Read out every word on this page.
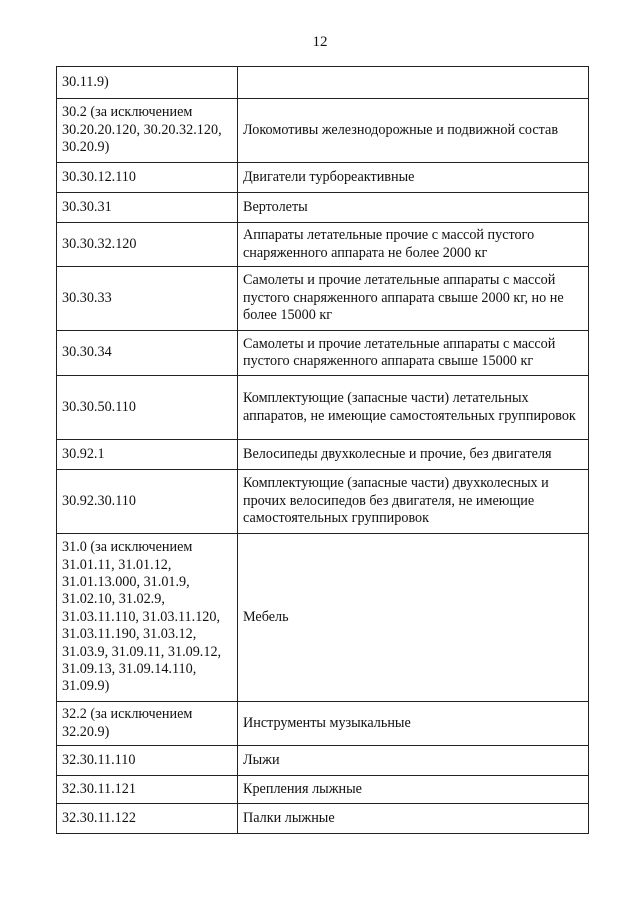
12
30.11.9)	
30.2 (за исключением 30.20.20.120, 30.20.32.120, 30.20.9)	Локомотивы железнодорожные и подвижной состав
30.30.12.110	Двигатели турбореактивные
30.30.31	Вертолеты
30.30.32.120	Аппараты летательные прочие с массой пустого снаряженного аппарата не более 2000 кг
30.30.33	Самолеты и прочие летательные аппараты с массой пустого снаряженного аппарата свыше 2000 кг, но не более 15000 кг
30.30.34	Самолеты и прочие летательные аппараты с массой пустого снаряженного аппарата свыше 15000 кг
30.30.50.110	Комплектующие (запасные части) летательных аппаратов, не имеющие самостоятельных группировок
30.92.1	Велосипеды двухколесные и прочие, без двигателя
30.92.30.110	Комплектующие (запасные части) двухколесных и прочих велосипедов без двигателя, не имеющие самостоятельных группировок
31.0 (за исключением 31.01.11, 31.01.12, 31.01.13.000, 31.01.9, 31.02.10, 31.02.9, 31.03.11.110, 31.03.11.120, 31.03.11.190, 31.03.12, 31.03.9, 31.09.11, 31.09.12, 31.09.13, 31.09.14.110, 31.09.9)	Мебель
32.2 (за исключением 32.20.9)	Инструменты музыкальные
32.30.11.110	Лыжи
32.30.11.121	Крепления лыжные
32.30.11.122	Палки лыжные
